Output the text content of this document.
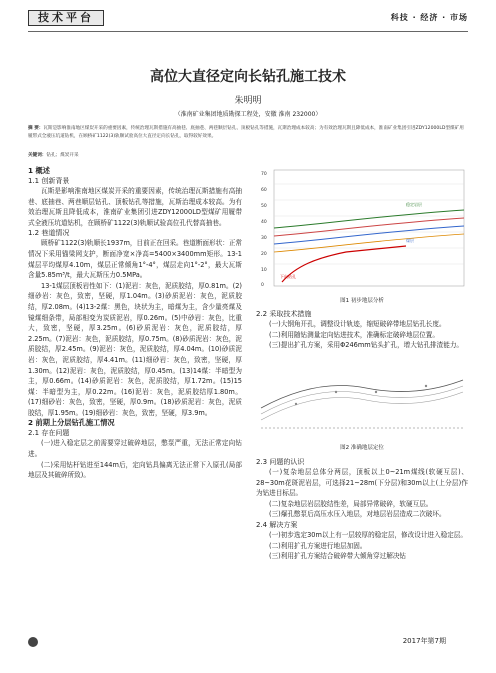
技术平台	科技 · 经济 · 市场
高位大直径定向长钻孔施工技术
朱明明
（淮南矿业集团地质勘探工程处，安徽 淮南 232000）
摘 要：瓦斯是影响淮南地区煤炭开采的重要因素，传统治理瓦斯措施有高抽巷、底抽巷、两巷顺层钻孔、顶板钻孔等措施，瓦斯治理成本较高；为有效治理瓦斯且降低成本，淮南矿业集团引进ZDY12000LD型煤矿用履带式全液压坑道钻机，在顾桥矿1122(3)轨顺试验高位大直径定向长钻孔，取得较好效果。
关键词：钻孔；煤炭开采
1 概述
1.1 创新背景

瓦斯是影响淮南地区煤炭开采的重要因素，传统治理瓦斯措施有高抽巷、底抽巷、两巷顺层钻孔、顶板钻孔等措施，瓦斯治理成本较高。为有效治理瓦斯且降低成本，淮南矿业集团引进ZDY12000LD型煤矿用履带式全液压坑道钻机，在顾桥矿1122(3)轨顺试验高位孔代替高抽巷。

1.2 巷道情况

顾桥矿1122(3)轨顺长1937m，目前正在回采。巷道断面形状：正常情况下采用锚梁网支护，断面净宽×净高=5400×3400mm矩形。13-1煤层平均煤厚4.10m，煤层正常倾角1°-4°，煤层走向1°-2°，最大瓦斯含量5.85m³/t，最大瓦斯压力0.5MPa。

13-1煤层顶板岩性如下：(1)泥岩：灰色，泥质胶结，厚0.81m。(2)细砂岩：灰色，致密，坚硬，厚1.04m。(3)砂质泥岩：灰色，泥质胶结，厚2.08m。(4)13-2煤：黑色，块状为主，暗煤为主，含少量亮煤及镜煤细条带，局部相变为炭质泥岩，厚0.26m。(5)中砂岩：灰色，比重大，致密，坚硬，厚3.25m。(6)砂质泥岩：灰色，泥质胶结，厚2.25m。(7)泥岩：灰色，泥质胶结，厚0.75m。(8)砂质泥岩：灰色，泥质胶结，厚2.45m。(9)泥岩：灰色，泥质胶结，厚4.04m。(10)砂质泥岩：灰色，泥质胶结，厚4.41m。(11)细砂岩：灰色，致密，坚硬，厚1.30m。(12)泥岩：灰色，泥质胶结，厚0.45m。(13)14煤：半暗型为主，厚0.66m。(14)砂质泥岩：灰色，泥质胶结，厚1.72m。(15)15煤：半暗型为主，厚0.22m。(16)泥岩：灰色，泥质胶结厚1.80m。(17)细砂岩：灰色，致密，坚硬，厚0.9m。(18)砂质泥岩：灰色，泥质胶结，厚1.95m。(19)细砂岩：灰色，致密，坚硬，厚3.9m。

2 前期上分层钻孔施工情况
2.1 存在问题

(一)进入稳定层之前需要穿过破碎地层，憋泵严重，无法正常定向钻进。

(二)采用钻杆钻进至144m后，定向钻具偏离无法正常下入原孔(局部地层及其破碎所致)。

70
60
50
40
30
20
10
0
下向钻孔
稳定岩层
煤层
图1 初步地层分析
2.2 采取技术措施

(一)大钢角开孔，调整设计轨迹，缩短破碎带地层钻孔长度。

(二)利用随钻测量定向钻进技术，准确标定破碎地层位置。

(三)提出扩孔方案，采用Φ246mm钻头扩孔，增大钻孔排渣能力。

图2 准确地层定位
2.3 问题的认识

(一)复杂地层总体分两层，顶板以上0~21m煤线(软硬互层)、28~30m花斑泥岩层，可选择21~28m(下分层)和30m以上(上分层)作为钻进目标层。

(二)复杂地层岩层胶结性差，局部异常破碎，软硬互层。

(三)爆孔憋泵后高压水压入地层，对地层岩层造成二次破坏。

2.4 解决方案

(一)初步选定30m以上有一层较厚的稳定层，修改设计进入稳定层。

(二)利用扩孔方案进行地层加固。

(三)利用扩孔方案结合破碎带大倾角穿过解决钻

2017年第7期
